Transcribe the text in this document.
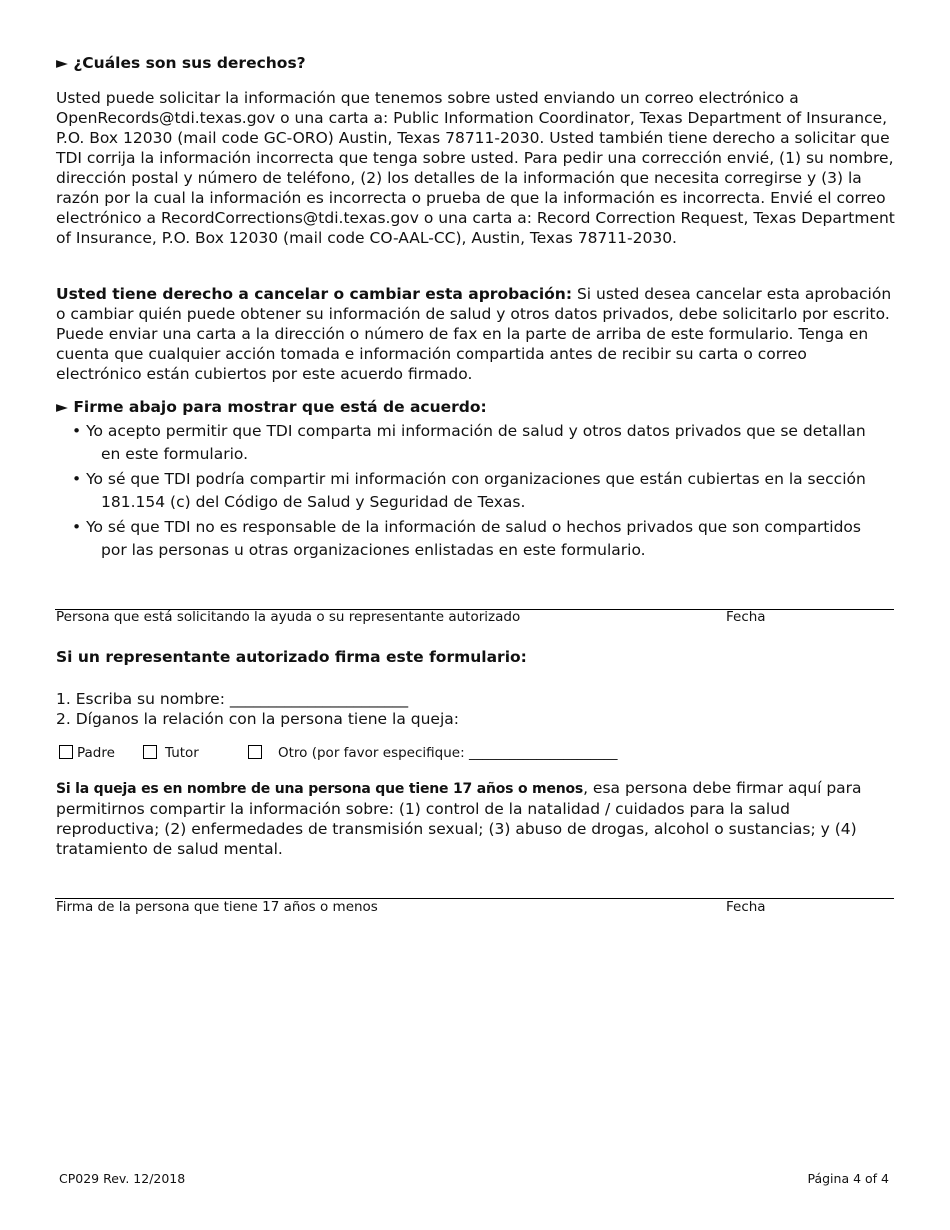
► ¿Cuáles son sus derechos?
Usted puede solicitar la información que tenemos sobre usted enviando un correo electrónico a OpenRecords@tdi.texas.gov o una carta a: Public Information Coordinator, Texas Department of Insurance, P.O. Box 12030 (mail code GC-ORO) Austin, Texas 78711-2030. Usted también tiene derecho a solicitar que TDI corrija la información incorrecta que tenga sobre usted. Para pedir una corrección envié, (1) su nombre, dirección postal y número de teléfono, (2) los detalles de la información que necesita corregirse y (3) la razón por la cual la información es incorrecta o prueba de que la información es incorrecta. Envié el correo electrónico a RecordCorrections@tdi.texas.gov o una carta a: Record Correction Request, Texas Department of Insurance, P.O. Box 12030 (mail code CO-AAL-CC), Austin, Texas 78711-2030.
Usted tiene derecho a cancelar o cambiar esta aprobación: Si usted desea cancelar esta aprobación o cambiar quién puede obtener su información de salud y otros datos privados, debe solicitarlo por escrito. Puede enviar una carta a la dirección o número de fax en la parte de arriba de este formulario. Tenga en cuenta que cualquier acción tomada e información compartida antes de recibir su carta o correo electrónico están cubiertos por este acuerdo firmado.
► Firme abajo para mostrar que está de acuerdo:
• Yo acepto permitir que TDI comparta mi información de salud y otros datos privados que se detallan en este formulario.
• Yo sé que TDI podría compartir mi información con organizaciones que están cubiertas en la sección 181.154 (c) del Código de Salud y Seguridad de Texas.
• Yo sé que TDI no es responsable de la información de salud o hechos privados que son compartidos por las personas u otras organizaciones enlistadas en este formulario.
Persona que está solicitando la ayuda o su representante autorizado	Fecha
Si un representante autorizado firma este formulario:
1. Escriba su nombre: _______________________
2. Díganos la relación con la persona tiene la queja:
Padre	Tutor	Otro (por favor especifique: ______________________
Si la queja es en nombre de una persona que tiene 17 años o menos, esa persona debe firmar aquí para permitirnos compartir la información sobre: (1) control de la natalidad / cuidados para la salud reproductiva; (2) enfermedades de transmisión sexual; (3) abuso de drogas, alcohol o sustancias; y (4) tratamiento de salud mental.
Firma de la persona que tiene 17 años o menos	Fecha
CP029 Rev. 12/2018	Página 4 of 4
